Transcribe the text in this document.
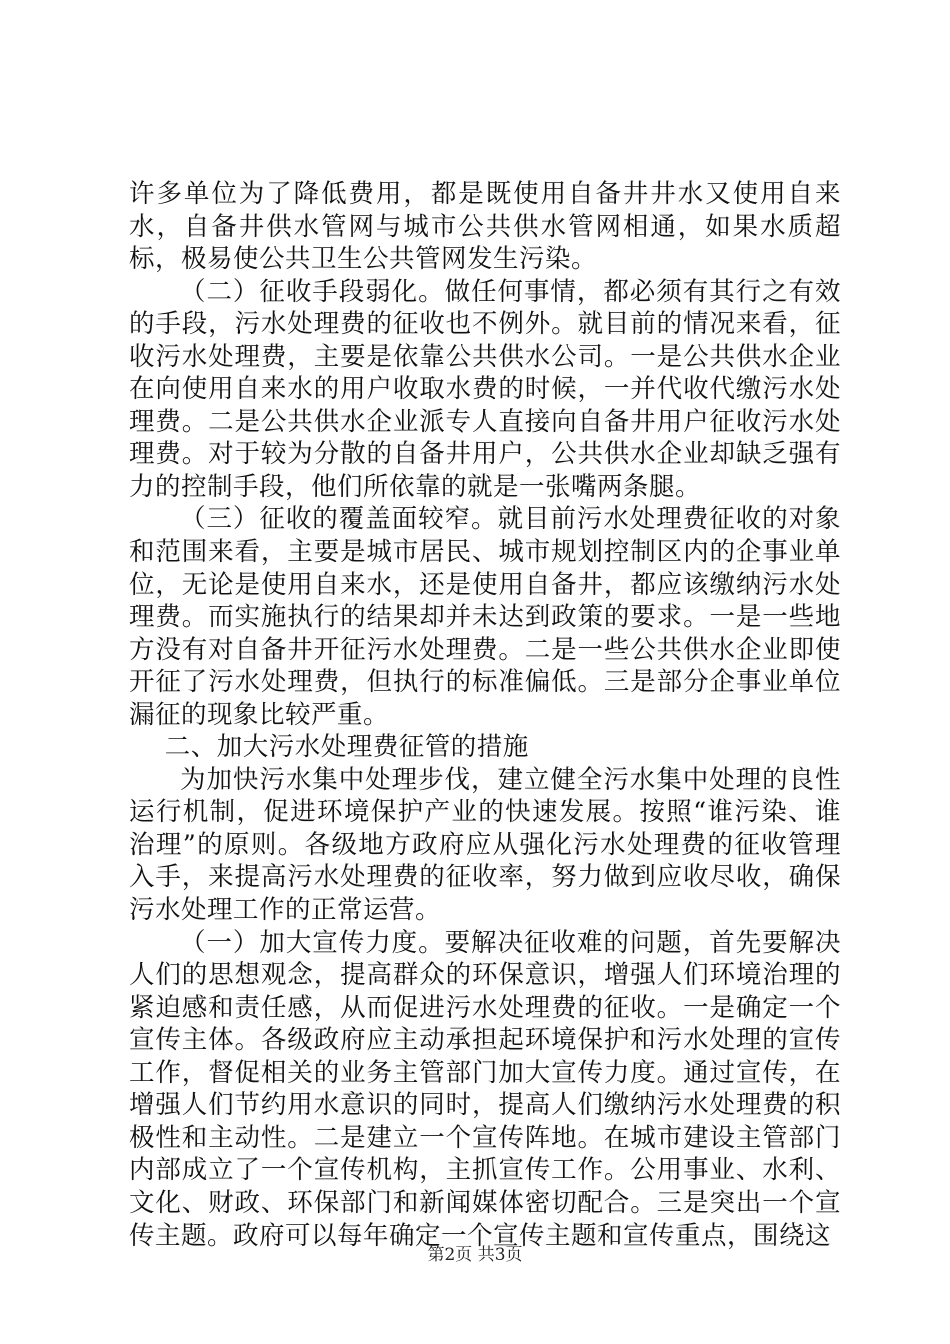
许多单位为了降低费用，都是既使用自备井井水又使用自来水，自备井供水管网与城市公共供水管网相通，如果水质超标，极易使公共卫生公共管网发生污染。

（二）征收手段弱化。做任何事情，都必须有其行之有效的手段，污水处理费的征收也不例外。就目前的情况来看，征收污水处理费，主要是依靠公共供水公司。一是公共供水企业在向使用自来水的用户收取水费的时候，一并代收代缴污水处理费。二是公共供水企业派专人直接向自备井用户征收污水处理费。对于较为分散的自备井用户，公共供水企业却缺乏强有力的控制手段，他们所依靠的就是一张嘴两条腿。

（三）征收的覆盖面较窄。就目前污水处理费征收的对象和范围来看，主要是城市居民、城市规划控制区内的企事业单位，无论是使用自来水，还是使用自备井，都应该缴纳污水处理费。而实施执行的结果却并未达到政策的要求。一是一些地方没有对自备井开征污水处理费。二是一些公共供水企业即使开征了污水处理费，但执行的标准偏低。三是部分企事业单位漏征的现象比较严重。

二、加大污水处理费征管的措施

为加快污水集中处理步伐，建立健全污水集中处理的良性运行机制，促进环境保护产业的快速发展。按照“谁污染、谁治理”的原则。各级地方政府应从强化污水处理费的征收管理入手，来提高污水处理费的征收率，努力做到应收尽收，确保污水处理工作的正常运营。

（一）加大宣传力度。要解决征收难的问题，首先要解决人们的思想观念，提高群众的环保意识，增强人们环境治理的紧迫感和责任感，从而促进污水处理费的征收。一是确定一个宣传主体。各级政府应主动承担起环境保护和污水处理的宣传工作，督促相关的业务主管部门加大宣传力度。通过宣传，在增强人们节约用水意识的同时，提高人们缴纳污水处理费的积极性和主动性。二是建立一个宣传阵地。在城市建设主管部门内部成立了一个宣传机构，主抓宣传工作。公用事业、水利、文化、财政、环保部门和新闻媒体密切配合。三是突出一个宣传主题。政府可以每年确定一个宣传主题和宣传重点，围绕这

第2页 共3页
